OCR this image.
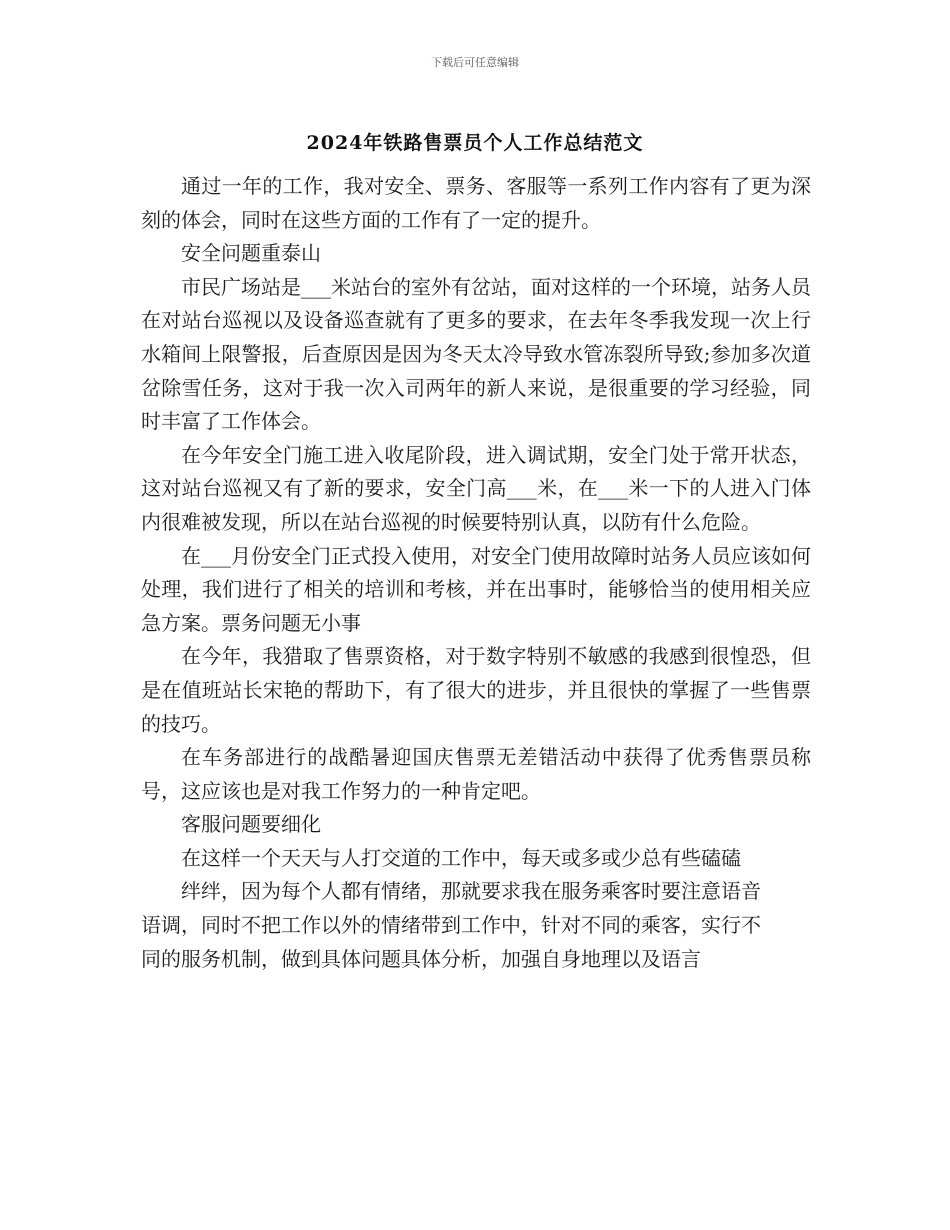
下载后可任意编辑
2024年铁路售票员个人工作总结范文

通过一年的工作，我对安全、票务、客服等一系列工作内容有了更为深刻的体会，同时在这些方面的工作有了一定的提升。

安全问题重泰山

市民广场站是___米站台的室外有岔站，面对这样的一个环境，站务人员在对站台巡视以及设备巡查就有了更多的要求，在去年冬季我发现一次上行水箱间上限警报，后查原因是因为冬天太冷导致水管冻裂所导致;参加多次道岔除雪任务，这对于我一次入司两年的新人来说，是很重要的学习经验，同时丰富了工作体会。

在今年安全门施工进入收尾阶段，进入调试期，安全门处于常开状态，这对站台巡视又有了新的要求，安全门高___米，在___米一下的人进入门体内很难被发现，所以在站台巡视的时候要特别认真，以防有什么危险。

在___月份安全门正式投入使用，对安全门使用故障时站务人员应该如何处理，我们进行了相关的培训和考核，并在出事时，能够恰当的使用相关应急方案。票务问题无小事

在今年，我猎取了售票资格，对于数字特别不敏感的我感到很惶恐，但是在值班站长宋艳的帮助下，有了很大的进步，并且很快的掌握了一些售票的技巧。

在车务部进行的战酷暑迎国庆售票无差错活动中获得了优秀售票员称号，这应该也是对我工作努力的一种肯定吧。

客服问题要细化

在这样一个天天与人打交道的工作中，每天或多或少总有些磕磕

绊绊，因为每个人都有情绪，那就要求我在服务乘客时要注意语音
语调，同时不把工作以外的情绪带到工作中，针对不同的乘客，实行不
同的服务机制，做到具体问题具体分析，加强自身地理以及语言
